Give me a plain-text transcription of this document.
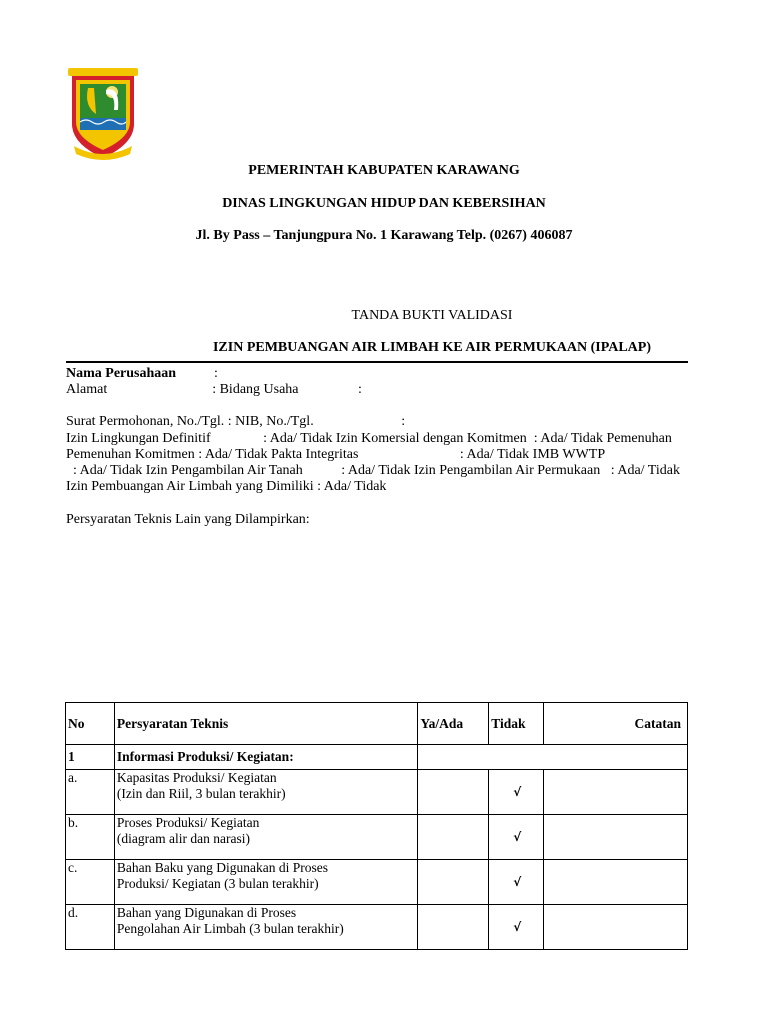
PEMERINTAH KABUPATEN KARAWANG
DINAS LINGKUNGAN HIDUP DAN KEBERSIHAN
Jl. By Pass – Tanjungpura No. 1 Karawang Telp. (0267) 406087
TANDA BUKTI VALIDASI
IZIN PEMBUANGAN AIR LIMBAH KE AIR PERMUKAAN (IPALAP)
Nama Perusahaan	:
Alamat                              : Bidang Usaha                 :
Surat Permohonan, No./Tgl. : NIB, No./Tgl.                         :
Izin Lingkungan Definitif               : Ada/ Tidak Izin Komersial dengan Komitmen  : Ada/ Tidak Pemenuhan
Pemenuhan Komitmen : Ada/ Tidak Pakta Integritas                             : Ada/ Tidak IMB WWTP
: Ada/ Tidak Izin Pengambilan Air Tanah           : Ada/ Tidak Izin Pengambilan Air Permukaan   : Ada/ Tidak
Izin Pembuangan Air Limbah yang Dimiliki : Ada/ Tidak
Persyaratan Teknis Lain yang Dilampirkan:
No	Persyaratan Teknis	Ya/Ada	Tidak	Catatan
1	Informasi Produksi/ Kegiatan:			
a.	Kapasitas Produksi/ Kegiatan
(Izin dan Riil, 3 bulan terakhir)		√	
b.	Proses Produksi/ Kegiatan
(diagram alir dan narasi)		√	
c.	Bahan Baku yang Digunakan di Proses
Produksi/ Kegiatan (3 bulan terakhir)		√	
d.	Bahan yang Digunakan di Proses
Pengolahan Air Limbah (3 bulan terakhir)		√	
